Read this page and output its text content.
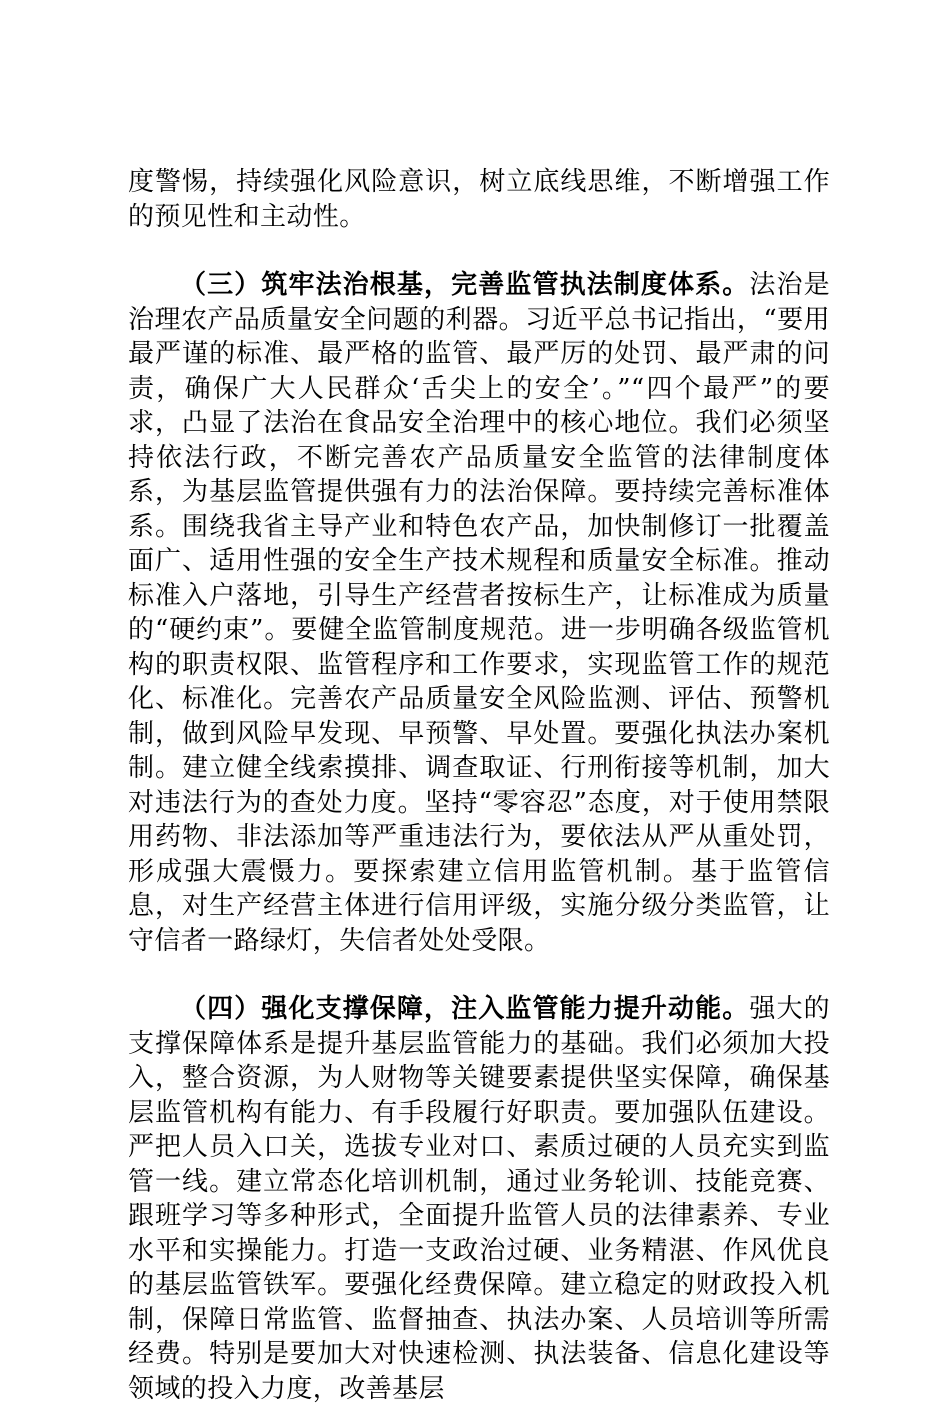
度警惕，持续强化风险意识，树立底线思维，不断增强工作的预见性和主动性。

（三）筑牢法治根基，完善监管执法制度体系。法治是治理农产品质量安全问题的利器。习近平总书记指出，“要用最严谨的标准、最严格的监管、最严厉的处罚、最严肃的问责，确保广大人民群众‘舌尖上的安全’。”“四个最严”的要求，凸显了法治在食品安全治理中的核心地位。我们必须坚持依法行政，不断完善农产品质量安全监管的法律制度体系，为基层监管提供强有力的法治保障。要持续完善标准体系。围绕我省主导产业和特色农产品，加快制修订一批覆盖面广、适用性强的安全生产技术规程和质量安全标准。推动标准入户落地，引导生产经营者按标生产，让标准成为质量的“硬约束”。要健全监管制度规范。进一步明确各级监管机构的职责权限、监管程序和工作要求，实现监管工作的规范化、标准化。完善农产品质量安全风险监测、评估、预警机制，做到风险早发现、早预警、早处置。要强化执法办案机制。建立健全线索摸排、调查取证、行刑衔接等机制，加大对违法行为的查处力度。坚持“零容忍”态度，对于使用禁限用药物、非法添加等严重违法行为，要依法从严从重处罚，形成强大震慑力。要探索建立信用监管机制。基于监管信息，对生产经营主体进行信用评级，实施分级分类监管，让守信者一路绿灯，失信者处处受限。

（四）强化支撑保障，注入监管能力提升动能。强大的支撑保障体系是提升基层监管能力的基础。我们必须加大投入，整合资源，为人财物等关键要素提供坚实保障，确保基层监管机构有能力、有手段履行好职责。要加强队伍建设。严把人员入口关，选拔专业对口、素质过硬的人员充实到监管一线。建立常态化培训机制，通过业务轮训、技能竞赛、跟班学习等多种形式，全面提升监管人员的法律素养、专业水平和实操能力。打造一支政治过硬、业务精湛、作风优良的基层监管铁军。要强化经费保障。建立稳定的财政投入机制，保障日常监管、监督抽查、执法办案、人员培训等所需经费。特别是要加大对快速检测、执法装备、信息化建设等领域的投入力度，改善基层
